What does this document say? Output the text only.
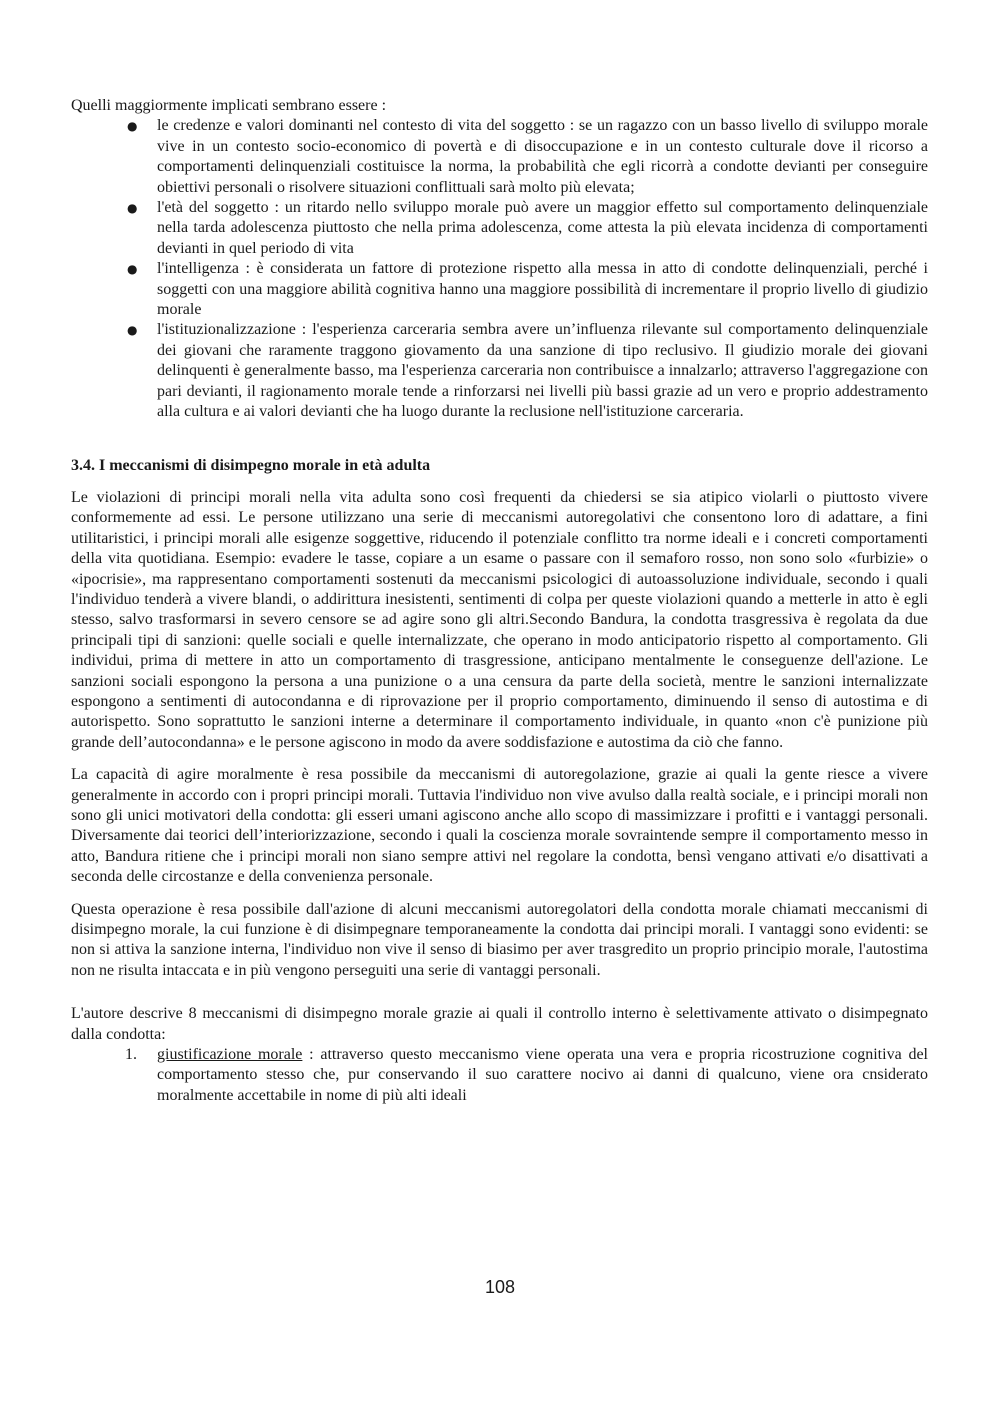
Quelli maggiormente implicati sembrano essere :

● le credenze e valori dominanti nel contesto di vita del soggetto : se un ragazzo con un basso livello di sviluppo morale vive in un contesto socio-economico di povertà e di disoccupazione e in un contesto culturale dove il ricorso a comportamenti delinquenziali costituisce la norma, la probabilità che egli ricorrà a condotte devianti per conseguire obiettivi personali o risolvere situazioni conflittuali sarà molto più elevata;
● l'età del soggetto : un ritardo nello sviluppo morale può avere un maggior effetto sul comportamento delinquenziale nella tarda adolescenza piuttosto che nella prima adolescenza, come attesta la più elevata incidenza di comportamenti devianti in quel periodo di vita
● l'intelligenza : è considerata un fattore di protezione rispetto alla messa in atto di condotte delinquenziali, perché i soggetti con una maggiore abilità cognitiva hanno una maggiore possibilità di incrementare il proprio livello di giudizio morale
● l'istituzionalizzazione : l'esperienza carceraria sembra avere un’influenza rilevante sul comportamento delinquenziale dei giovani che raramente traggono giovamento da una sanzione di tipo reclusivo. Il giudizio morale dei giovani delinquenti è generalmente basso, ma l'esperienza carceraria non contribuisce a innalzarlo; attraverso l'aggregazione con pari devianti, il ragionamento morale tende a rinforzarsi nei livelli più bassi grazie ad un vero e proprio addestramento alla cultura e ai valori devianti che ha luogo durante la reclusione nell'istituzione carceraria.
3.4. I meccanismi di disimpegno morale in età adulta

Le violazioni di principi morali nella vita adulta sono così frequenti da chiedersi se sia atipico violarli o piuttosto vivere conformemente ad essi. Le persone utilizzano una serie di meccanismi autoregolativi che consentono loro di adattare, a fini utilitaristici, i principi morali alle esigenze soggettive, riducendo il potenziale conflitto tra norme ideali e i concreti comportamenti della vita quotidiana. Esempio: evadere le tasse, copiare a un esame o passare con il semaforo rosso, non sono solo «furbizie» o «ipocrisie», ma rappresentano comportamenti sostenuti da meccanismi psicologici di autoassoluzione individuale, secondo i quali l'individuo tenderà a vivere blandi, o addirittura inesistenti, sentimenti di colpa per queste violazioni quando a metterle in atto è egli stesso, salvo trasformarsi in severo censore se ad agire sono gli altri.Secondo Bandura, la condotta trasgressiva è regolata da due principali tipi di sanzioni: quelle sociali e quelle internalizzate, che operano in modo anticipatorio rispetto al comportamento. Gli individui, prima di mettere in atto un comportamento di trasgressione, anticipano mentalmente le conseguenze dell'azione. Le sanzioni sociali espongono la persona a una punizione o a una censura da parte della società, mentre le sanzioni internalizzate espongono a sentimenti di autocondanna e di riprovazione per il proprio comportamento, diminuendo il senso di autostima e di autorispetto. Sono soprattutto le sanzioni interne a determinare il comportamento individuale, in quanto «non c'è punizione più grande dell’autocondanna» e le persone agiscono in modo da avere soddisfazione e autostima da ciò che fanno.

La capacità di agire moralmente è resa possibile da meccanismi di autoregolazione, grazie ai quali la gente riesce a vivere generalmente in accordo con i propri principi morali. Tuttavia l'individuo non vive avulso dalla realtà sociale, e i principi morali non sono gli unici motivatori della condotta: gli esseri umani agiscono anche allo scopo di massimizzare i profitti e i vantaggi personali. Diversamente dai teorici dell’interiorizzazione, secondo i quali la coscienza morale sovraintende sempre il comportamento messo in atto, Bandura ritiene che i principi morali non siano sempre attivi nel regolare la condotta, bensì vengano attivati e/o disattivati a seconda delle circostanze e della convenienza personale.

Questa operazione è resa possibile dall'azione di alcuni meccanismi autoregolatori della condotta morale chiamati meccanismi di disimpegno morale, la cui funzione è di disimpegnare temporaneamente la condotta dai principi morali. I vantaggi sono evidenti: se non si attiva la sanzione interna, l'individuo non vive il senso di biasimo per aver trasgredito un proprio principio morale, l'autostima non ne risulta intaccata e in più vengono perseguiti una serie di vantaggi personali.

L'autore descrive 8 meccanismi di disimpegno morale grazie ai quali il controllo interno è selettivamente attivato o disimpegnato dalla condotta:

1. giustificazione morale : attraverso questo meccanismo viene operata una vera e propria ricostruzione cognitiva del comportamento stesso che, pur conservando il suo carattere nocivo ai danni di qualcuno, viene ora cnsiderato moralmente accettabile in nome di più alti ideali
108
